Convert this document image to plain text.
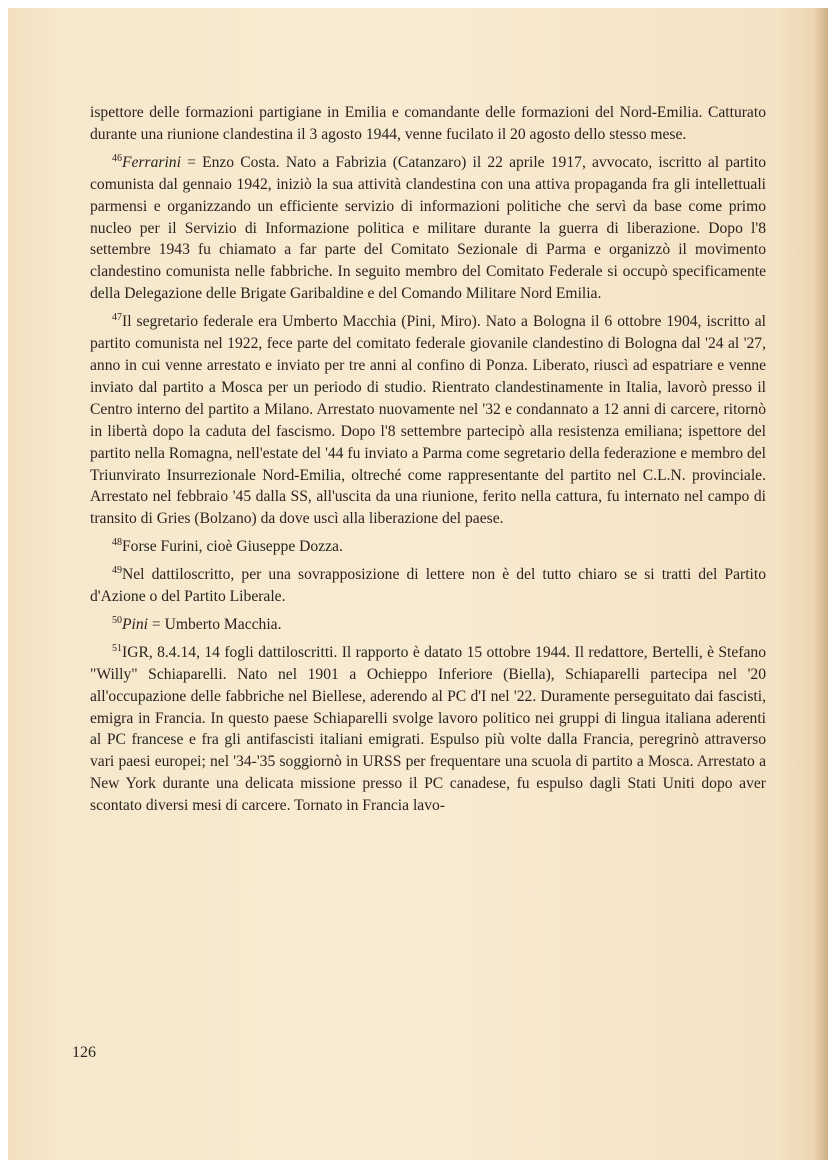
ispettore delle formazioni partigiane in Emilia e comandante delle formazioni del Nord-Emilia. Catturato durante una riunione clandestina il 3 agosto 1944, venne fucilato il 20 agosto dello stesso mese.

$^{46}$Ferrarini = Enzo Costa. Nato a Fabrizia (Catanzaro) il 22 aprile 1917, avvocato, iscritto al partito comunista dal gennaio 1942, iniziò la sua attività clandestina con una attiva propaganda fra gli intellettuali parmensi e organizzando un efficiente servizio di informazioni politiche che servì da base come primo nucleo per il Servizio di Informazione politica e militare durante la guerra di liberazione. Dopo l'8 settembre 1943 fu chiamato a far parte del Comitato Sezionale di Parma e organizzò il movimento clandestino comunista nelle fabbriche. In seguito membro del Comitato Federale si occupò specificamente della Delegazione delle Brigate Garibaldine e del Comando Militare Nord Emilia.

$^{47}$Il segretario federale era Umberto Macchia (Pini, Miro). Nato a Bologna il 6 ottobre 1904, iscritto al partito comunista nel 1922, fece parte del comitato federale giovanile clandestino di Bologna dal '24 al '27, anno in cui venne arrestato e inviato per tre anni al confino di Ponza. Liberato, riuscì ad espatriare e venne inviato dal partito a Mosca per un periodo di studio. Rientrato clandestinamente in Italia, lavorò presso il Centro interno del partito a Milano. Arrestato nuovamente nel '32 e condannato a 12 anni di carcere, ritornò in libertà dopo la caduta del fascismo. Dopo l'8 settembre partecipò alla resistenza emiliana; ispettore del partito nella Romagna, nell'estate del '44 fu inviato a Parma come segretario della federazione e membro del Triunvirato Insurrezionale Nord-Emilia, oltreché come rappresentante del partito nel C.L.N. provinciale. Arrestato nel febbraio '45 dalla SS, all'uscita da una riunione, ferito nella cattura, fu internato nel campo di transito di Gries (Bolzano) da dove uscì alla liberazione del paese.

$^{48}$Forse Furini, cioè Giuseppe Dozza.

$^{49}$Nel dattiloscritto, per una sovrapposizione di lettere non è del tutto chiaro se si tratti del Partito d'Azione o del Partito Liberale.

$^{50}$Pini = Umberto Macchia.

$^{51}$IGR, 8.4.14, 14 fogli dattiloscritti. Il rapporto è datato 15 ottobre 1944. Il redattore, Bertelli, è Stefano "Willy" Schiaparelli. Nato nel 1901 a Ochieppo Inferiore (Biella), Schiaparelli partecipa nel '20 all'occupazione delle fabbriche nel Biellese, aderendo al PC d'I nel '22. Duramente perseguitato dai fascisti, emigra in Francia. In questo paese Schiaparelli svolge lavoro politico nei gruppi di lingua italiana aderenti al PC francese e fra gli antifascisti italiani emigrati. Espulso più volte dalla Francia, peregrinò attraverso vari paesi europei; nel '34-'35 soggiornò in URSS per frequentare una scuola di partito a Mosca. Arrestato a New York durante una delicata missione presso il PC canadese, fu espulso dagli Stati Uniti dopo aver scontato diversi mesi di carcere. Tornato in Francia lavo-

126
